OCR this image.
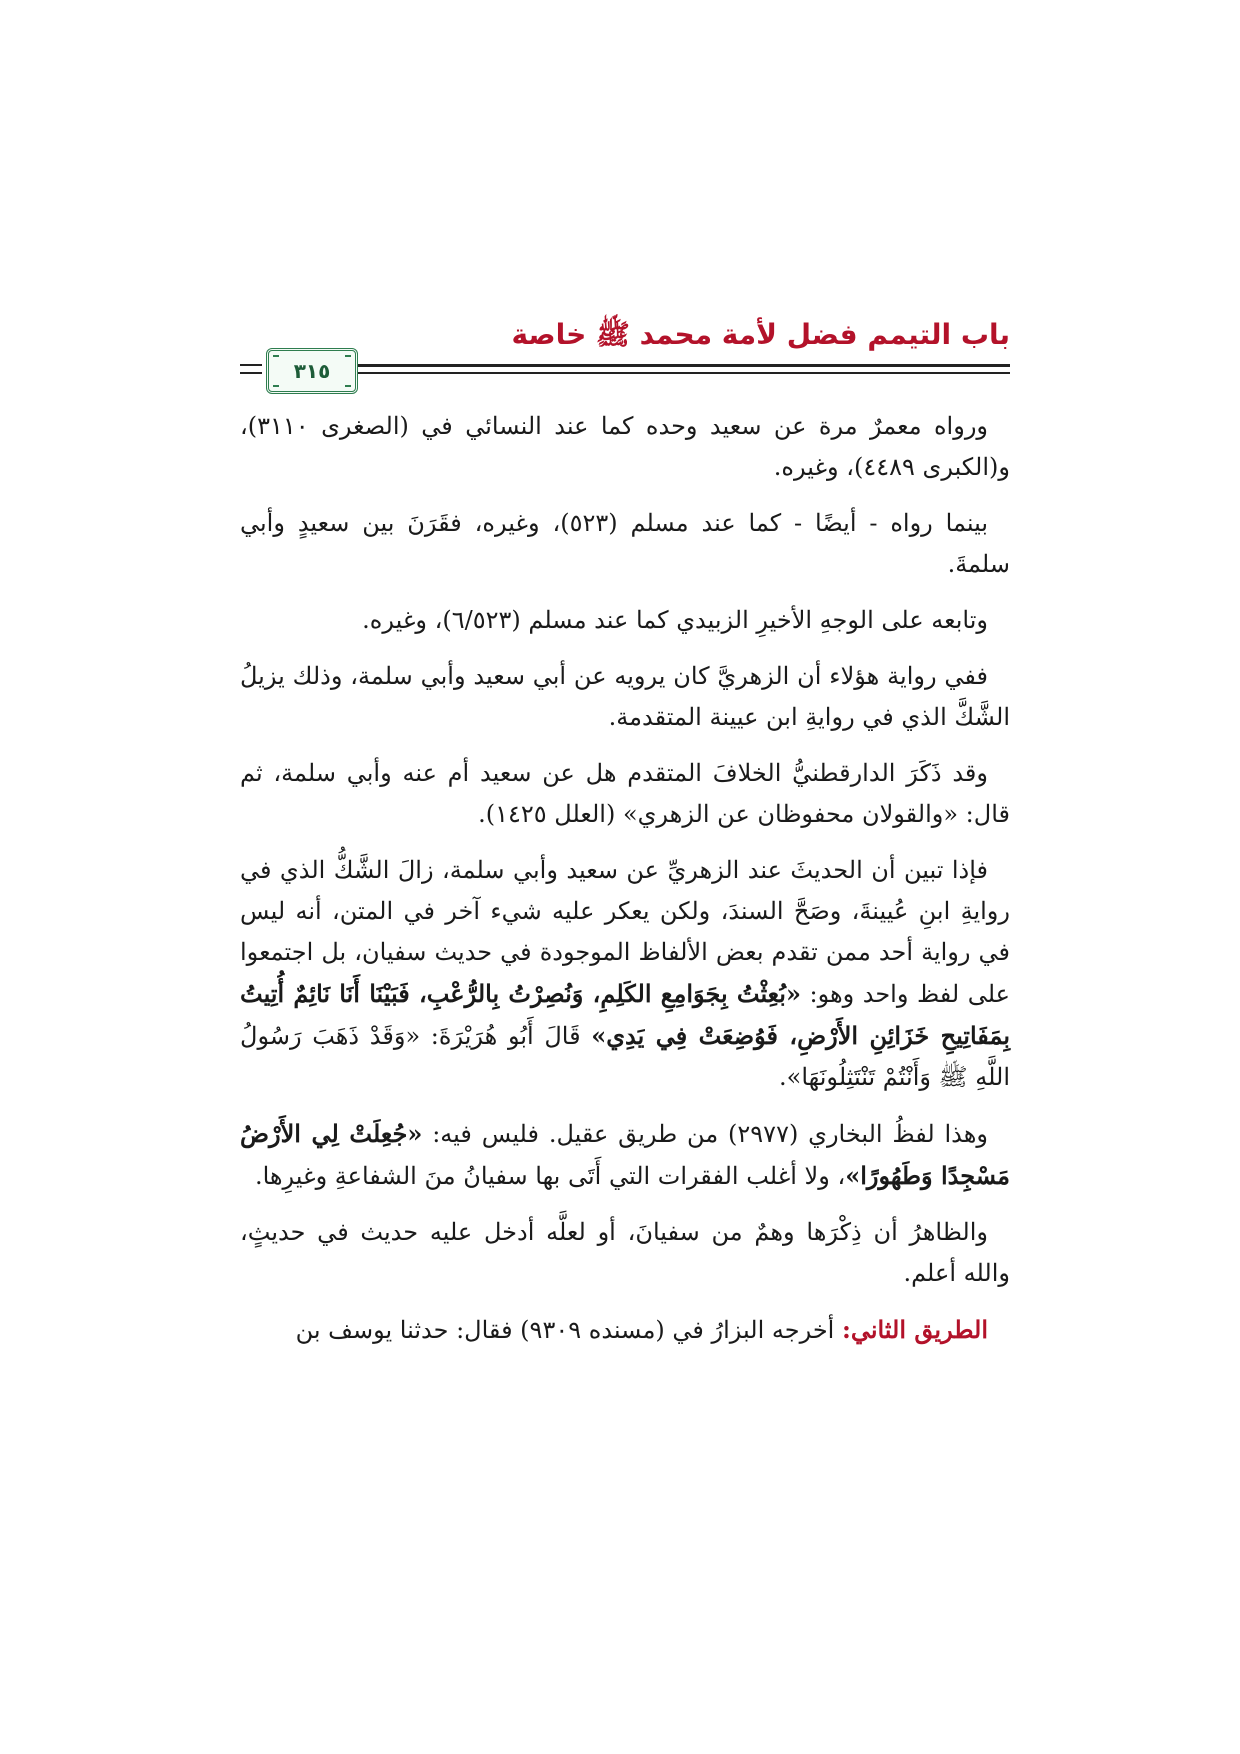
باب التيمم فضل لأمة محمد ﷺ خاصة
٣١٥

ورواه معمرٌ مرة عن سعيد وحده كما عند النسائي في (الصغرى ٣١١٠)، و(الكبرى ٤٤٨٩)، وغيره.

بينما رواه - أيضًا - كما عند مسلم (٥٢٣)، وغيره، فقَرَنَ بين سعيدٍ وأبي سلمةَ.

وتابعه على الوجهِ الأخيرِ الزبيدي كما عند مسلم (٦/٥٢٣)، وغيره.

ففي رواية هؤلاء أن الزهريَّ كان يرويه عن أبي سعيد وأبي سلمة، وذلك يزيلُ الشَّكَّ الذي في روايةِ ابن عيينة المتقدمة.

وقد ذَكَرَ الدارقطنيُّ الخلافَ المتقدم هل عن سعيد أم عنه وأبي سلمة، ثم قال: «والقولان محفوظان عن الزهري» (العلل ١٤٢٥).

فإذا تبين أن الحديثَ عند الزهريِّ عن سعيد وأبي سلمة، زالَ الشَّكُّ الذي في روايةِ ابنِ عُيينةَ، وصَحَّ السندَ، ولكن يعكر عليه شيء آخر في المتن، أنه ليس في رواية أحد ممن تقدم بعض الألفاظ الموجودة في حديث سفيان، بل اجتمعوا على لفظ واحد وهو: «بُعِثْتُ بِجَوَامِعِ الكَلِمِ، وَنُصِرْتُ بِالرُّعْبِ، فَبَيْنَا أَنَا نَائِمٌ أُتِيتُ بِمَفَاتِيحِ خَزَائِنِ الأَرْضِ، فَوُضِعَتْ فِي يَدِي» قَالَ أَبُو هُرَيْرَةَ: «وَقَدْ ذَهَبَ رَسُولُ اللَّهِ ﷺ وَأَنْتُمْ تَنْتَثِلُونَهَا».

وهذا لفظُ البخاري (٢٩٧٧) من طريق عقيل. فليس فيه: «جُعِلَتْ لِي الأَرْضُ مَسْجِدًا وَطَهُورًا»، ولا أغلب الفقرات التي أَتَى بها سفيانُ منَ الشفاعةِ وغيرِها.

والظاهرُ أن ذِكْرَها وهمٌ من سفيانَ، أو لعلَّه أدخل عليه حديث في حديثٍ، والله أعلم.

الطريق الثاني: أخرجه البزارُ في (مسنده ٩٣٠٩) فقال: حدثنا يوسف بن
